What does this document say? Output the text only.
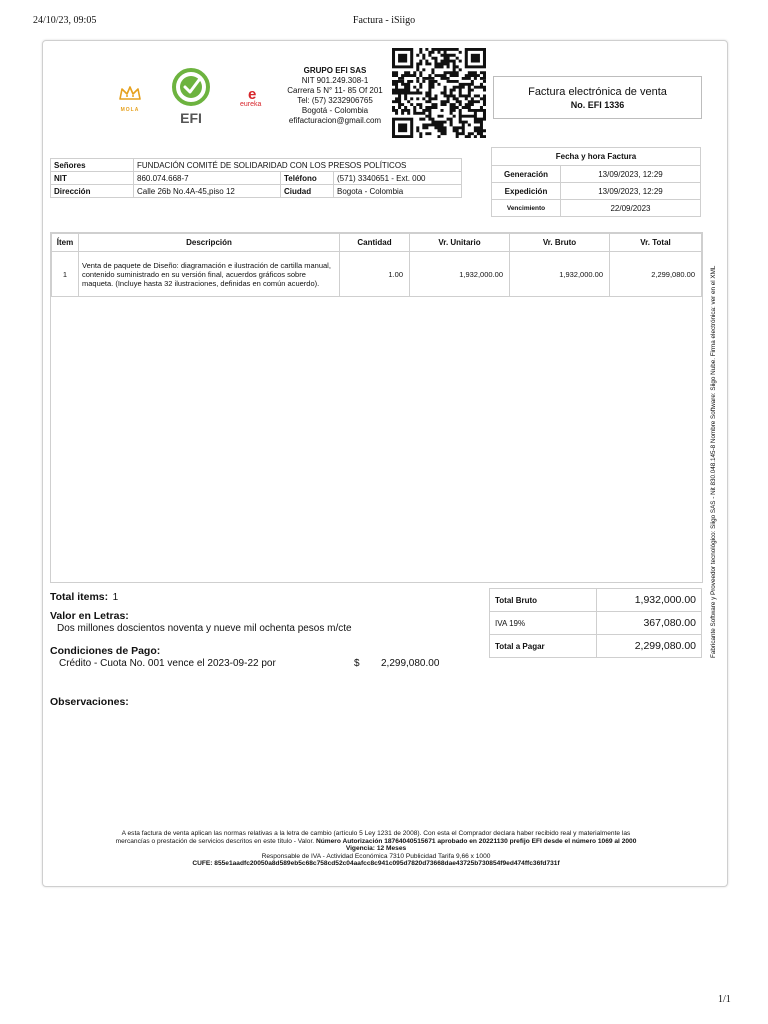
24/10/23, 09:05	Factura - iSiigo
1/1
MOLA	EFI
e
eureka
GRUPO EFI SAS
NIT 901.249.308-1
Carrera 5 N° 11- 85 Of 201
Tel: (57) 3232906765
Bogotá - Colombia
efifacturacion@gmail.com
Factura electrónica de venta
No. EFI 1336
Señores	FUNDACIÓN COMITÉ DE SOLIDARIDAD CON LOS PRESOS POLÍTICOS		
NIT	860.074.668-7	Teléfono	(571) 3340651 - Ext. 000
Dirección	Calle 26b No.4A-45,piso 12	Ciudad	Bogota - Colombia
Fecha y hora Factura	
Generación	13/09/2023, 12:29
Expedición	13/09/2023, 12:29
Vencimiento	22/09/2023
Ítem	Descripción	Cantidad	Vr. Unitario	Vr. Bruto	Vr. Total
1	Venta de paquete de Diseño: diagramación e ilustración de cartilla manual, contenido suministrado en su versión final, acuerdos gráficos sobre maqueta. (Incluye hasta 32 ilustraciones, definidas en común acuerdo).	1.00	1,932,000.00	1,932,000.00	2,299,080.00
Total items: 1
Valor en Letras:
Dos millones doscientos noventa y nueve mil ochenta pesos m/cte
Condiciones de Pago:
Crédito - Cuota No. 001 vence el 2023-09-22 por	$ 2,299,080.00
Observaciones:
Total Bruto	1,932,000.00
IVA 19%	367,080.00
Total a Pagar	2,299,080.00
A esta factura de venta aplican las normas relativas a la letra de cambio (artículo 5 Ley 1231 de 2008). Con esta el Comprador declara haber recibido real y materialmente las
mercancías o prestación de servicios descritos en este título - Valor. Número Autorización 18764040515671 aprobado en 20221130 prefijo EFI desde el número 1069 al 2000
Vigencia: 12 Meses
Responsable de IVA - Actividad Económica 7310 Publicidad Tarifa 9,66 x 1000
CUFE: 855e1aadfc20050a8d589eb5c68c758cd52c04aafcc8c941c095d7820d73668dae43725b730854f9ed474ffc36fd731f
Fabricante Software y Proveedor tecnológico: Siigo SAS - Nit 830.048.145-8 Nombre Software: Siigo Nube. Firma electrónica: ver en el XML
